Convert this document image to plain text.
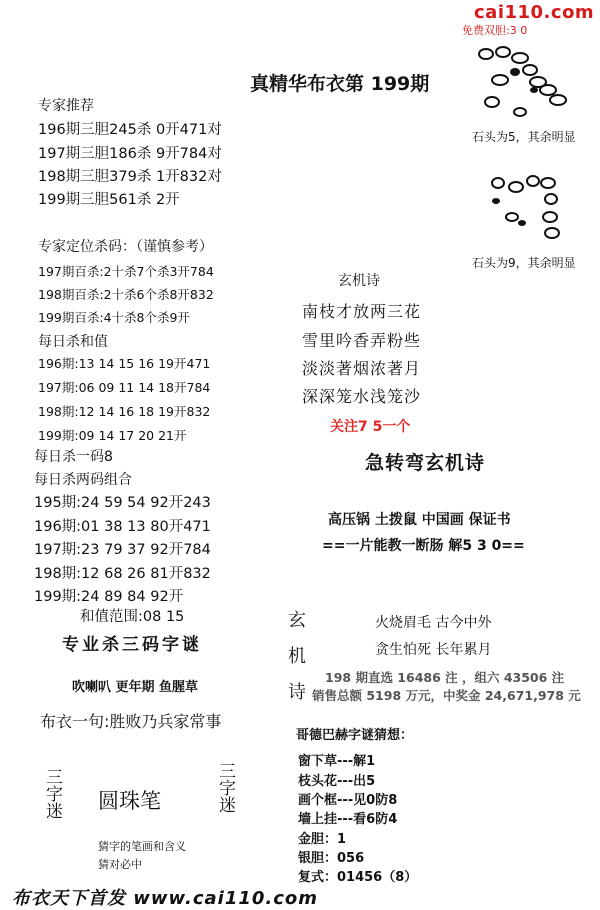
cai110.com
免费双胆:3 0
真精华布衣第 199期
专家推荐
196期三胆245杀 0开471对
197期三胆186杀 9开784对
198期三胆379杀 1开832对
199期三胆561杀 2开
专家定位杀码：（谨慎参考）
197期百杀:2十杀7个杀3开784
198期百杀:2十杀6个杀8开832
199期百杀:4十杀8个杀9开
每日杀和值
196期:13 14 15 16 19开471
197期:06 09 11 14 18开784
198期:12 14 16 18 19开832
199期:09 14 17 20 21开
每日杀一码8
每日杀两码组合
195期:24 59 54 92开243
196期:01 38 13 80开471
197期:23 79 37 92开784
198期:12 68 26 81开832
199期:24 89 84 92开
和值范围:08 15
专业杀三码字谜
吹喇叭 更年期 鱼腥草
布衣一句:胜败乃兵家常事
三字迷	三字迷
圆珠笔
猜字的笔画和含义
猜对必中
石头为5，其余明显
石头为9，其余明显
玄机诗
南枝才放两三花
雪里吟香弄粉些
淡淡著烟浓著月
深深笼水浅笼沙
关注7 5一个
急转弯玄机诗
高压锅 土拨鼠 中国画 保证书
==一片能教一断肠 解5 3 0==
玄
机
诗
火烧眉毛 古今中外
贪生怕死 长年累月
198 期直选 16486 注 ，组六 43506 注
销售总额 5198 万元，中奖金 24,671,978 元
哥德巴赫字谜猜想：
窗下草---解1
枝头花---出5
画个框---见0防8
墙上挂---看6防4
金胆：1
银胆：056
复式：01456（8）
布衣天下首发 www.cai110.com
